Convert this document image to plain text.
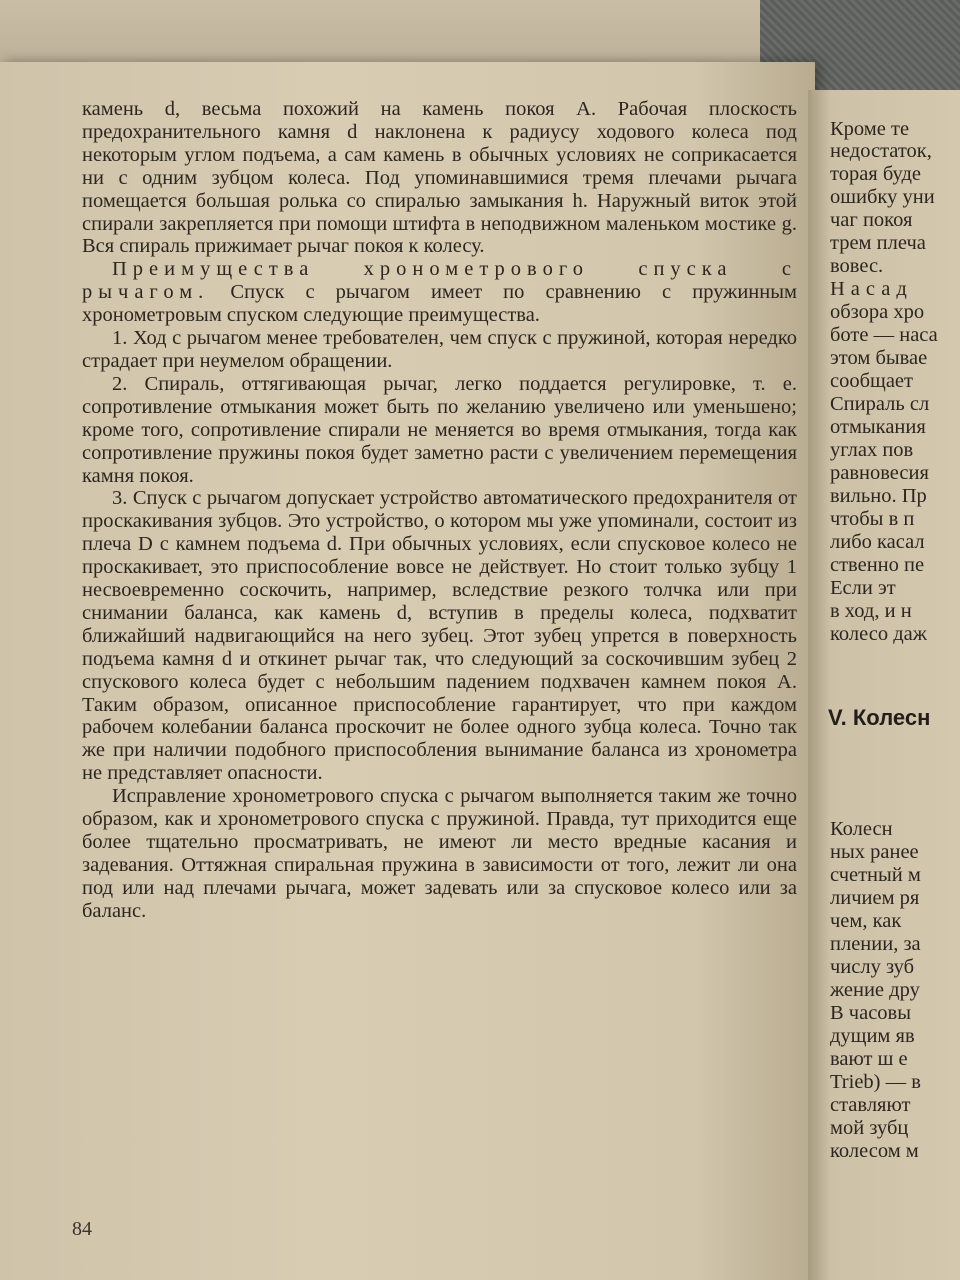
камень d, весьма похожий на камень покоя A. Рабочая плоскость предохранительного камня d наклонена к радиусу ходового колеса под некоторым углом подъема, а сам камень в обычных условиях не соприкасается ни с одним зубцом колеса. Под упоминавшимися тремя плечами рычага помещается большая ролька со спиралью замыкания h. Наружный виток этой спирали закрепляется при помощи штифта в неподвижном маленьком мостике g. Вся спираль прижимает рычаг покоя к колесу.

Преимущества хронометрового спуска с рычагом. Спуск с рычагом имеет по сравнению с пружинным хронометровым спуском следующие преимущества.

1. Ход с рычагом менее требователен, чем спуск с пружиной, которая нередко страдает при неумелом обращении.

2. Спираль, оттягивающая рычаг, легко поддается регулировке, т. е. сопротивление отмыкания может быть по желанию увеличено или уменьшено; кроме того, сопротивление спирали не меняется во время отмыкания, тогда как сопротивление пружины покоя будет заметно расти с увеличением перемещения камня покоя.

3. Спуск с рычагом допускает устройство автоматического предохранителя от проскакивания зубцов. Это устройство, о котором мы уже упоминали, состоит из плеча D с камнем подъема d. При обычных условиях, если спусковое колесо не проскакивает, это приспособление вовсе не действует. Но стоит только зубцу 1 несвоевременно соскочить, например, вследствие резкого толчка или при снимании баланса, как камень d, вступив в пределы колеса, подхватит ближайший надвигающийся на него зубец. Этот зубец упрется в поверхность подъема камня d и откинет рычаг так, что следующий за соскочившим зубец 2 спускового колеса будет с небольшим падением подхвачен камнем покоя A. Таким образом, описанное приспособление гарантирует, что при каждом рабочем колебании баланса проскочит не более одного зубца колеса. Точно так же при наличии подобного приспособления вынимание баланса из хронометра не представляет опасности.

Исправление хронометрового спуска с рычагом выполняется таким же точно образом, как и хронометрового спуска с пружиной. Правда, тут приходится еще более тщательно просматривать, не имеют ли место вредные касания и задевания. Оттяжная спиральная пружина в зависимости от того, лежит ли она под или над плечами рычага, может задевать или за спусковое колесо или за баланс.

84
Кроме те
недостаток,
торая буде
ошибку уни
чаг покоя
трем плеча
вовес.
Насад
обзора хро
боте — наса
этом бывае
сообщает
Спираль сл
отмыкания
углах пов
равновесия
вильно. Пр
чтобы в п
либо касал
ственно пе
Если эт
в ход, и н
колесо даж
V. Колесн
Колесн
ных ранее
счетный м
личием ря
чем, как
плении, за
числу зуб
жение дру
В часовы
дущим яв
вают ш е
Trieb) — в
ставляют
мой зубц
колесом м
